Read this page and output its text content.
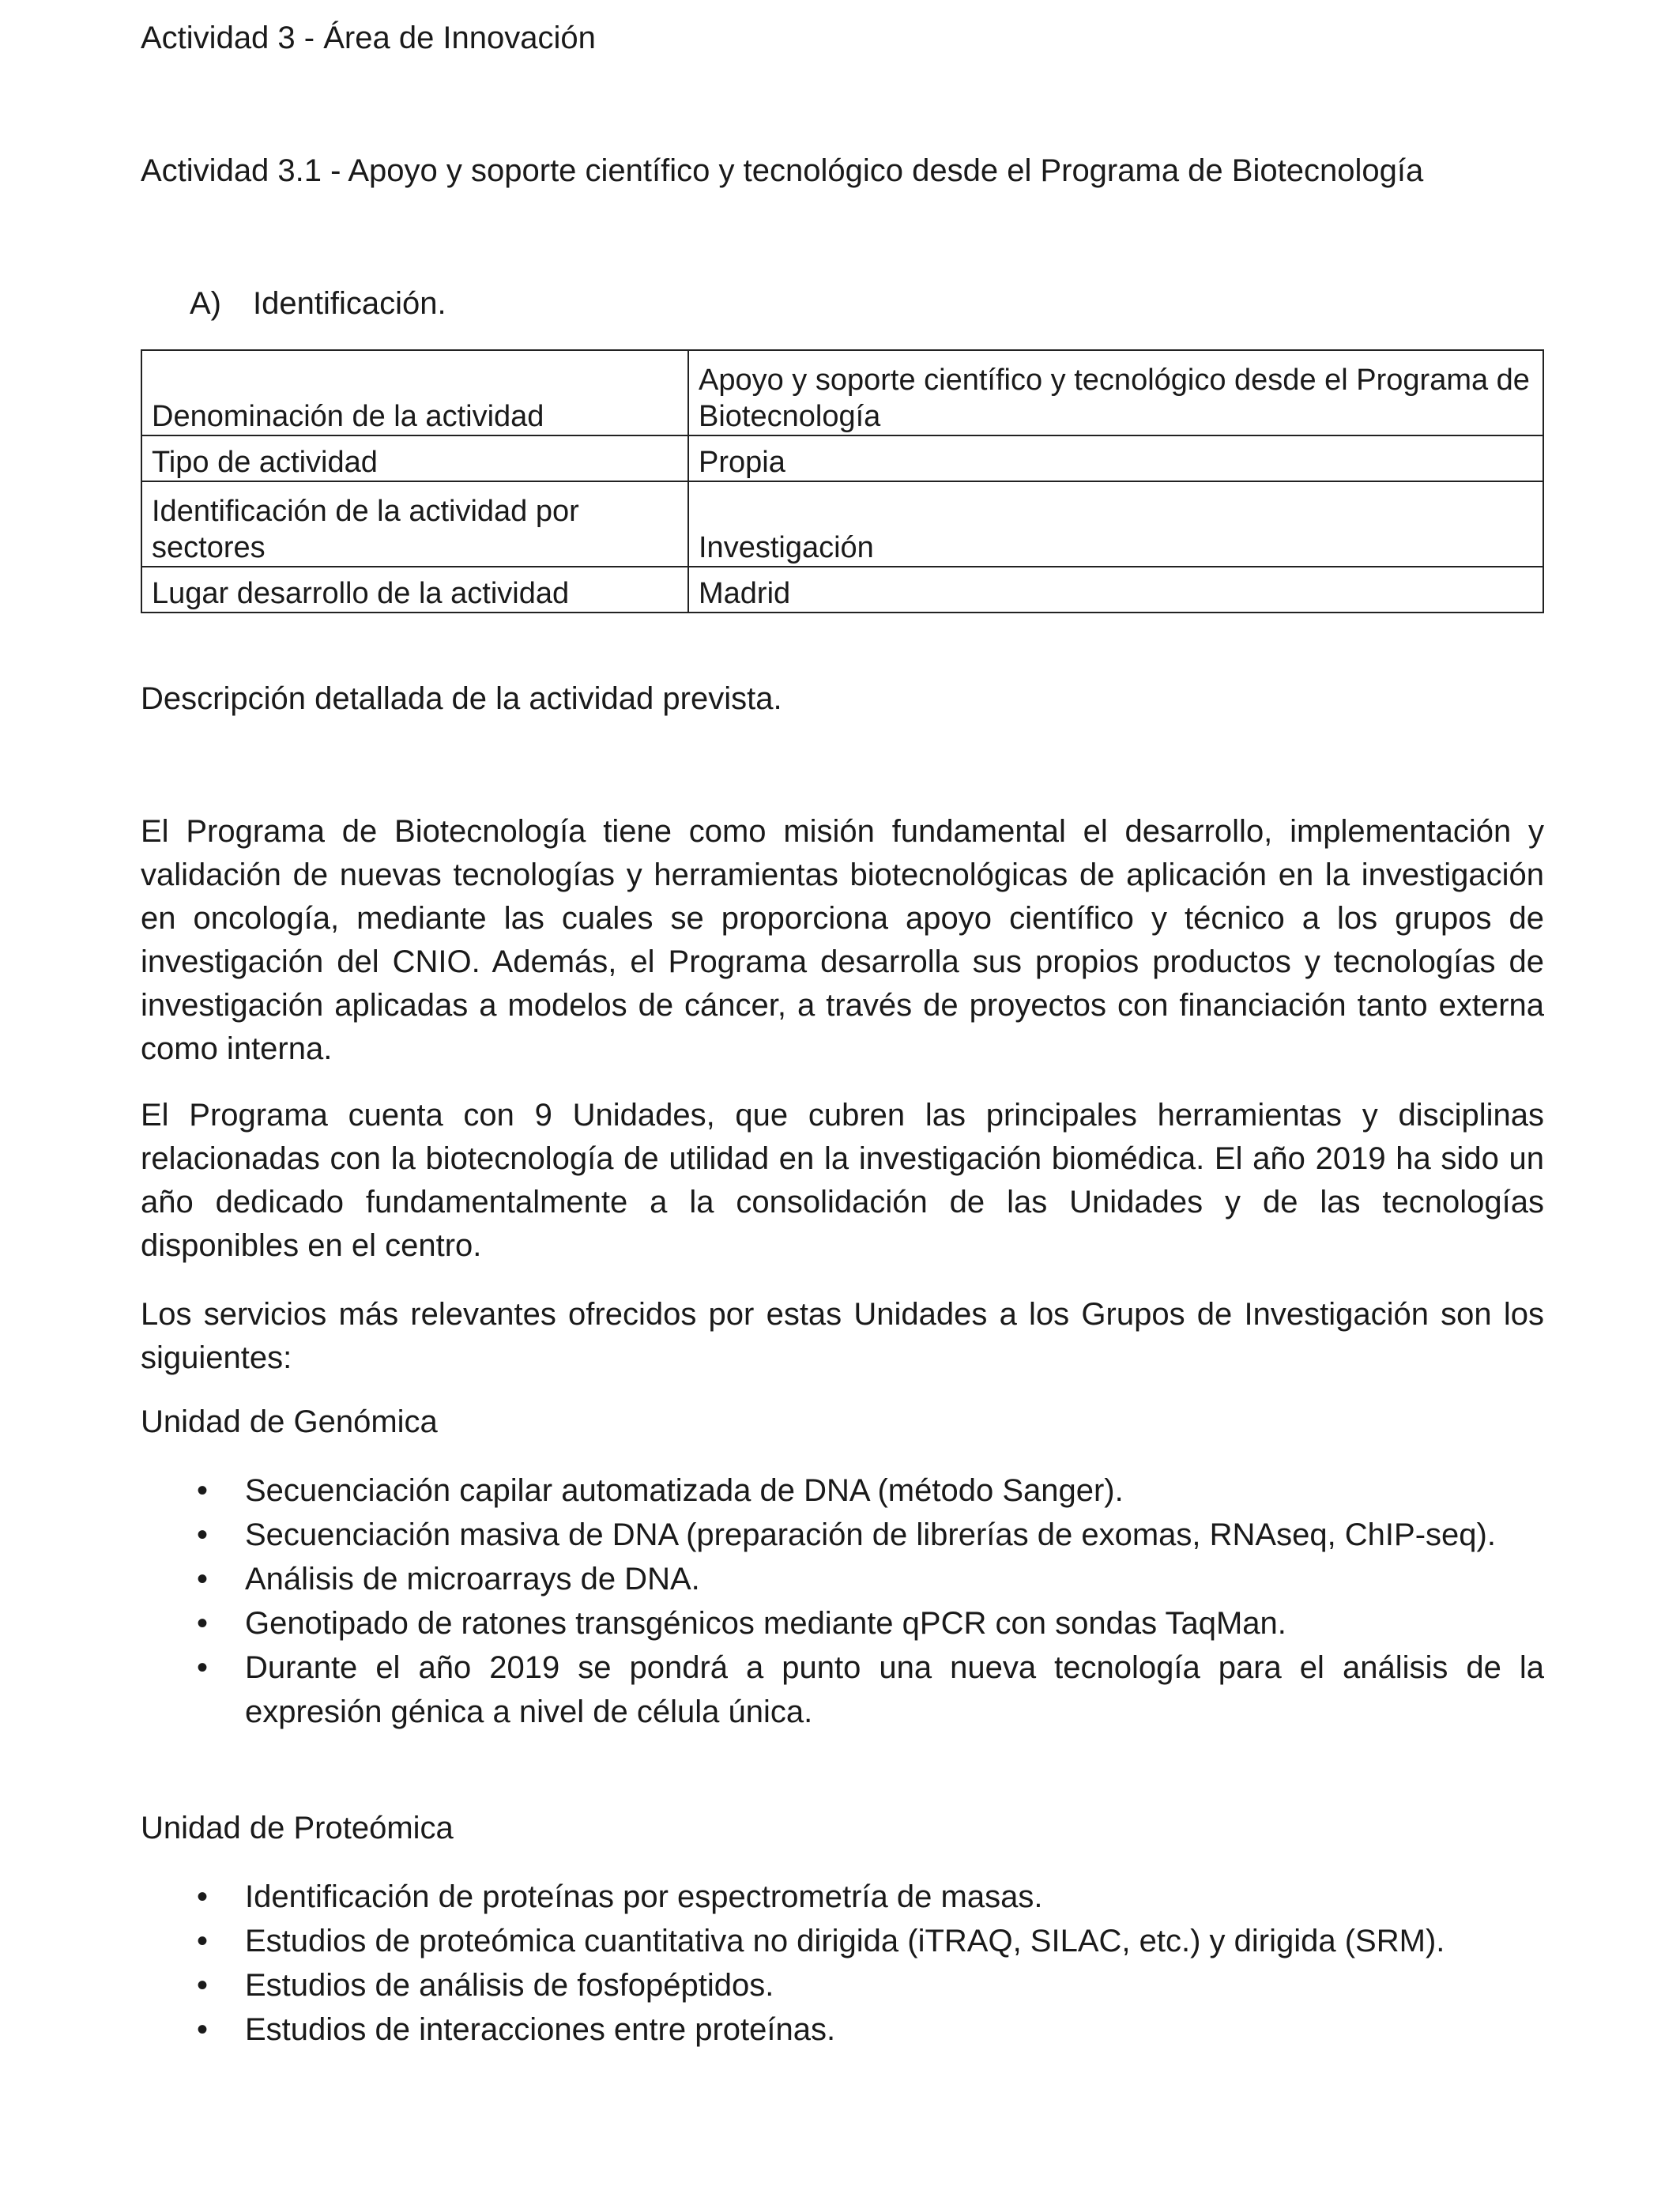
Actividad 3 - Área de Innovación

Actividad 3.1 - Apoyo y soporte científico y tecnológico desde el Programa de Biotecnología

A) Identificación.

Denominación de la actividad	Apoyo y soporte científico y tecnológico desde el Programa de Biotecnología
Tipo de actividad	Propia
Identificación de la actividad por sectores	Investigación
Lugar desarrollo de la actividad	Madrid

Descripción detallada de la actividad prevista.

El Programa de Biotecnología tiene como misión fundamental el desarrollo, implementación y validación de nuevas tecnologías y herramientas biotecnológicas de aplicación en la investigación en oncología, mediante las cuales se proporciona apoyo científico y técnico a los grupos de investigación del CNIO. Además, el Programa desarrolla sus propios productos y tecnologías de investigación aplicadas a modelos de cáncer, a través de proyectos con financiación tanto externa como interna.

El Programa cuenta con 9 Unidades, que cubren las principales herramientas y disciplinas relacionadas con la biotecnología de utilidad en la investigación biomédica. El año 2019 ha sido un año dedicado fundamentalmente a la consolidación de las Unidades y de las tecnologías disponibles en el centro.

Los servicios más relevantes ofrecidos por estas Unidades a los Grupos de Investigación son los siguientes:

Unidad de Genómica

• Secuenciación capilar automatizada de DNA (método Sanger).
• Secuenciación masiva de DNA (preparación de librerías de exomas, RNAseq, ChIP-seq).
• Análisis de microarrays de DNA.
• Genotipado de ratones transgénicos mediante qPCR con sondas TaqMan.
• Durante el año 2019 se pondrá a punto una nueva tecnología para el análisis de la expresión génica a nivel de célula única.

Unidad de Proteómica

• Identificación de proteínas por espectrometría de masas.
• Estudios de proteómica cuantitativa no dirigida (iTRAQ, SILAC, etc.) y dirigida (SRM).
• Estudios de análisis de fosfopéptidos.
• Estudios de interacciones entre proteínas.
